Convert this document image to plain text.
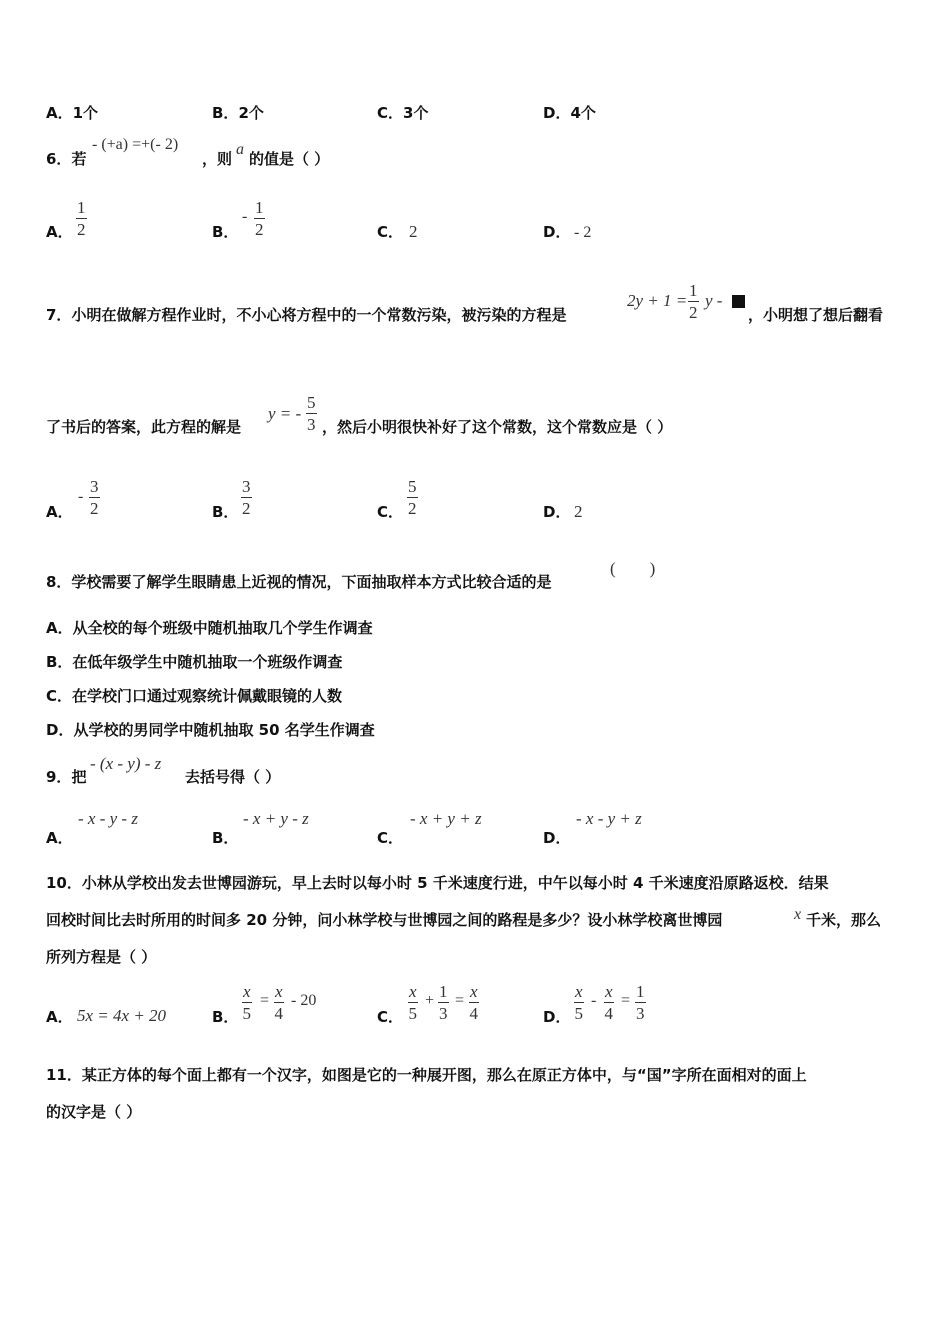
A．1个	B．2个	C．3个	D．4个
6．若
- (+a) =+(- 2)
，则
a
的值是（ ）
A． $\frac{1}{2}$	B．
- $\frac{1}{2}$	C． 2	D． - 2
7．小明在做解方程作业时，不小心将方程中的一个常数污染，被污染的方程是
$2y + 1 = \frac{1}{2}$ y -
，小明想了想后翻看
了书后的答案，此方程的解是
y = - $\frac{5}{3}$ ，然后小明很快补好了这个常数，这个常数应是（ ）
A．
- $\frac{3}{2}$	B． $\frac{3}{2}$	C． $\frac{5}{2}$	D． 2
8．学校需要了解学生眼睛患上近视的情况，下面抽取样本方式比较合适的是
(        )
A．从全校的每个班级中随机抽取几个学生作调查
B．在低年级学生中随机抽取一个班级作调查
C．在学校门口通过观察统计佩戴眼镜的人数
D．从学校的男同学中随机抽取 50 名学生作调查
9．把
- (x - y) - z
去括号得（ ）
A．
- x - y - z
B．
- x + y - z
C．
- x + y + z
D．
- x - y + z
10．小林从学校出发去世博园游玩，早上去时以每小时 5 千米速度行进，中午以每小时 4 千米速度沿原路返校．结果
回校时间比去时所用的时间多 20 分钟，问小林学校与世博园之间的路程是多少？设小林学校离世博园	x 千米，那么
所列方程是（ ）
A． 5x = 4x + 20	B． $\frac{x}{5} = \frac{x}{4} - 20$
C． $\frac{x}{5} + \frac{1}{3} = \frac{x}{4}$	D． $\frac{x}{5} - \frac{x}{4} = \frac{1}{3}$
11．某正方体的每个面上都有一个汉字，如图是它的一种展开图，那么在原正方体中，与“国”字所在面相对的面上
的汉字是（ ）
